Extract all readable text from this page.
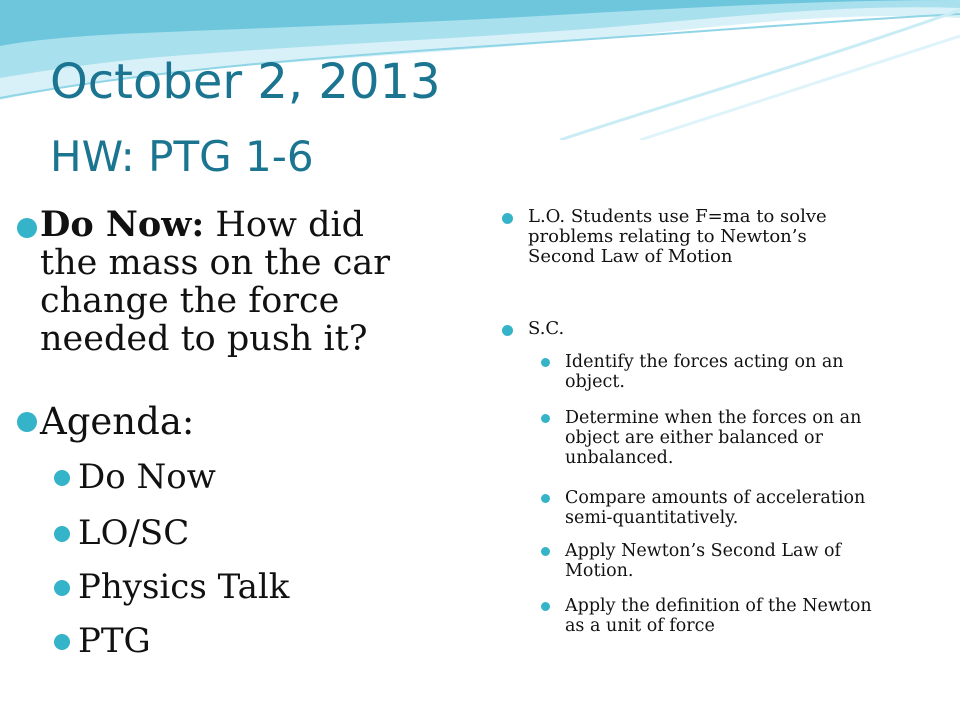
October 2, 2013
HW: PTG 1-6
Do Now: How did
the mass on the car
change the force
needed to push it?
Agenda:
Do Now
LO/SC
Physics Talk
PTG
L.O. Students use F=ma to solve
problems relating to Newton’s
Second Law of Motion
S.C.
Identify the forces acting on an
object.
Determine when the forces on an
object are either balanced or
unbalanced.
Compare amounts of acceleration
semi-quantitatively.
Apply Newton’s Second Law of
Motion.
Apply the definition of the Newton
as a unit of force
